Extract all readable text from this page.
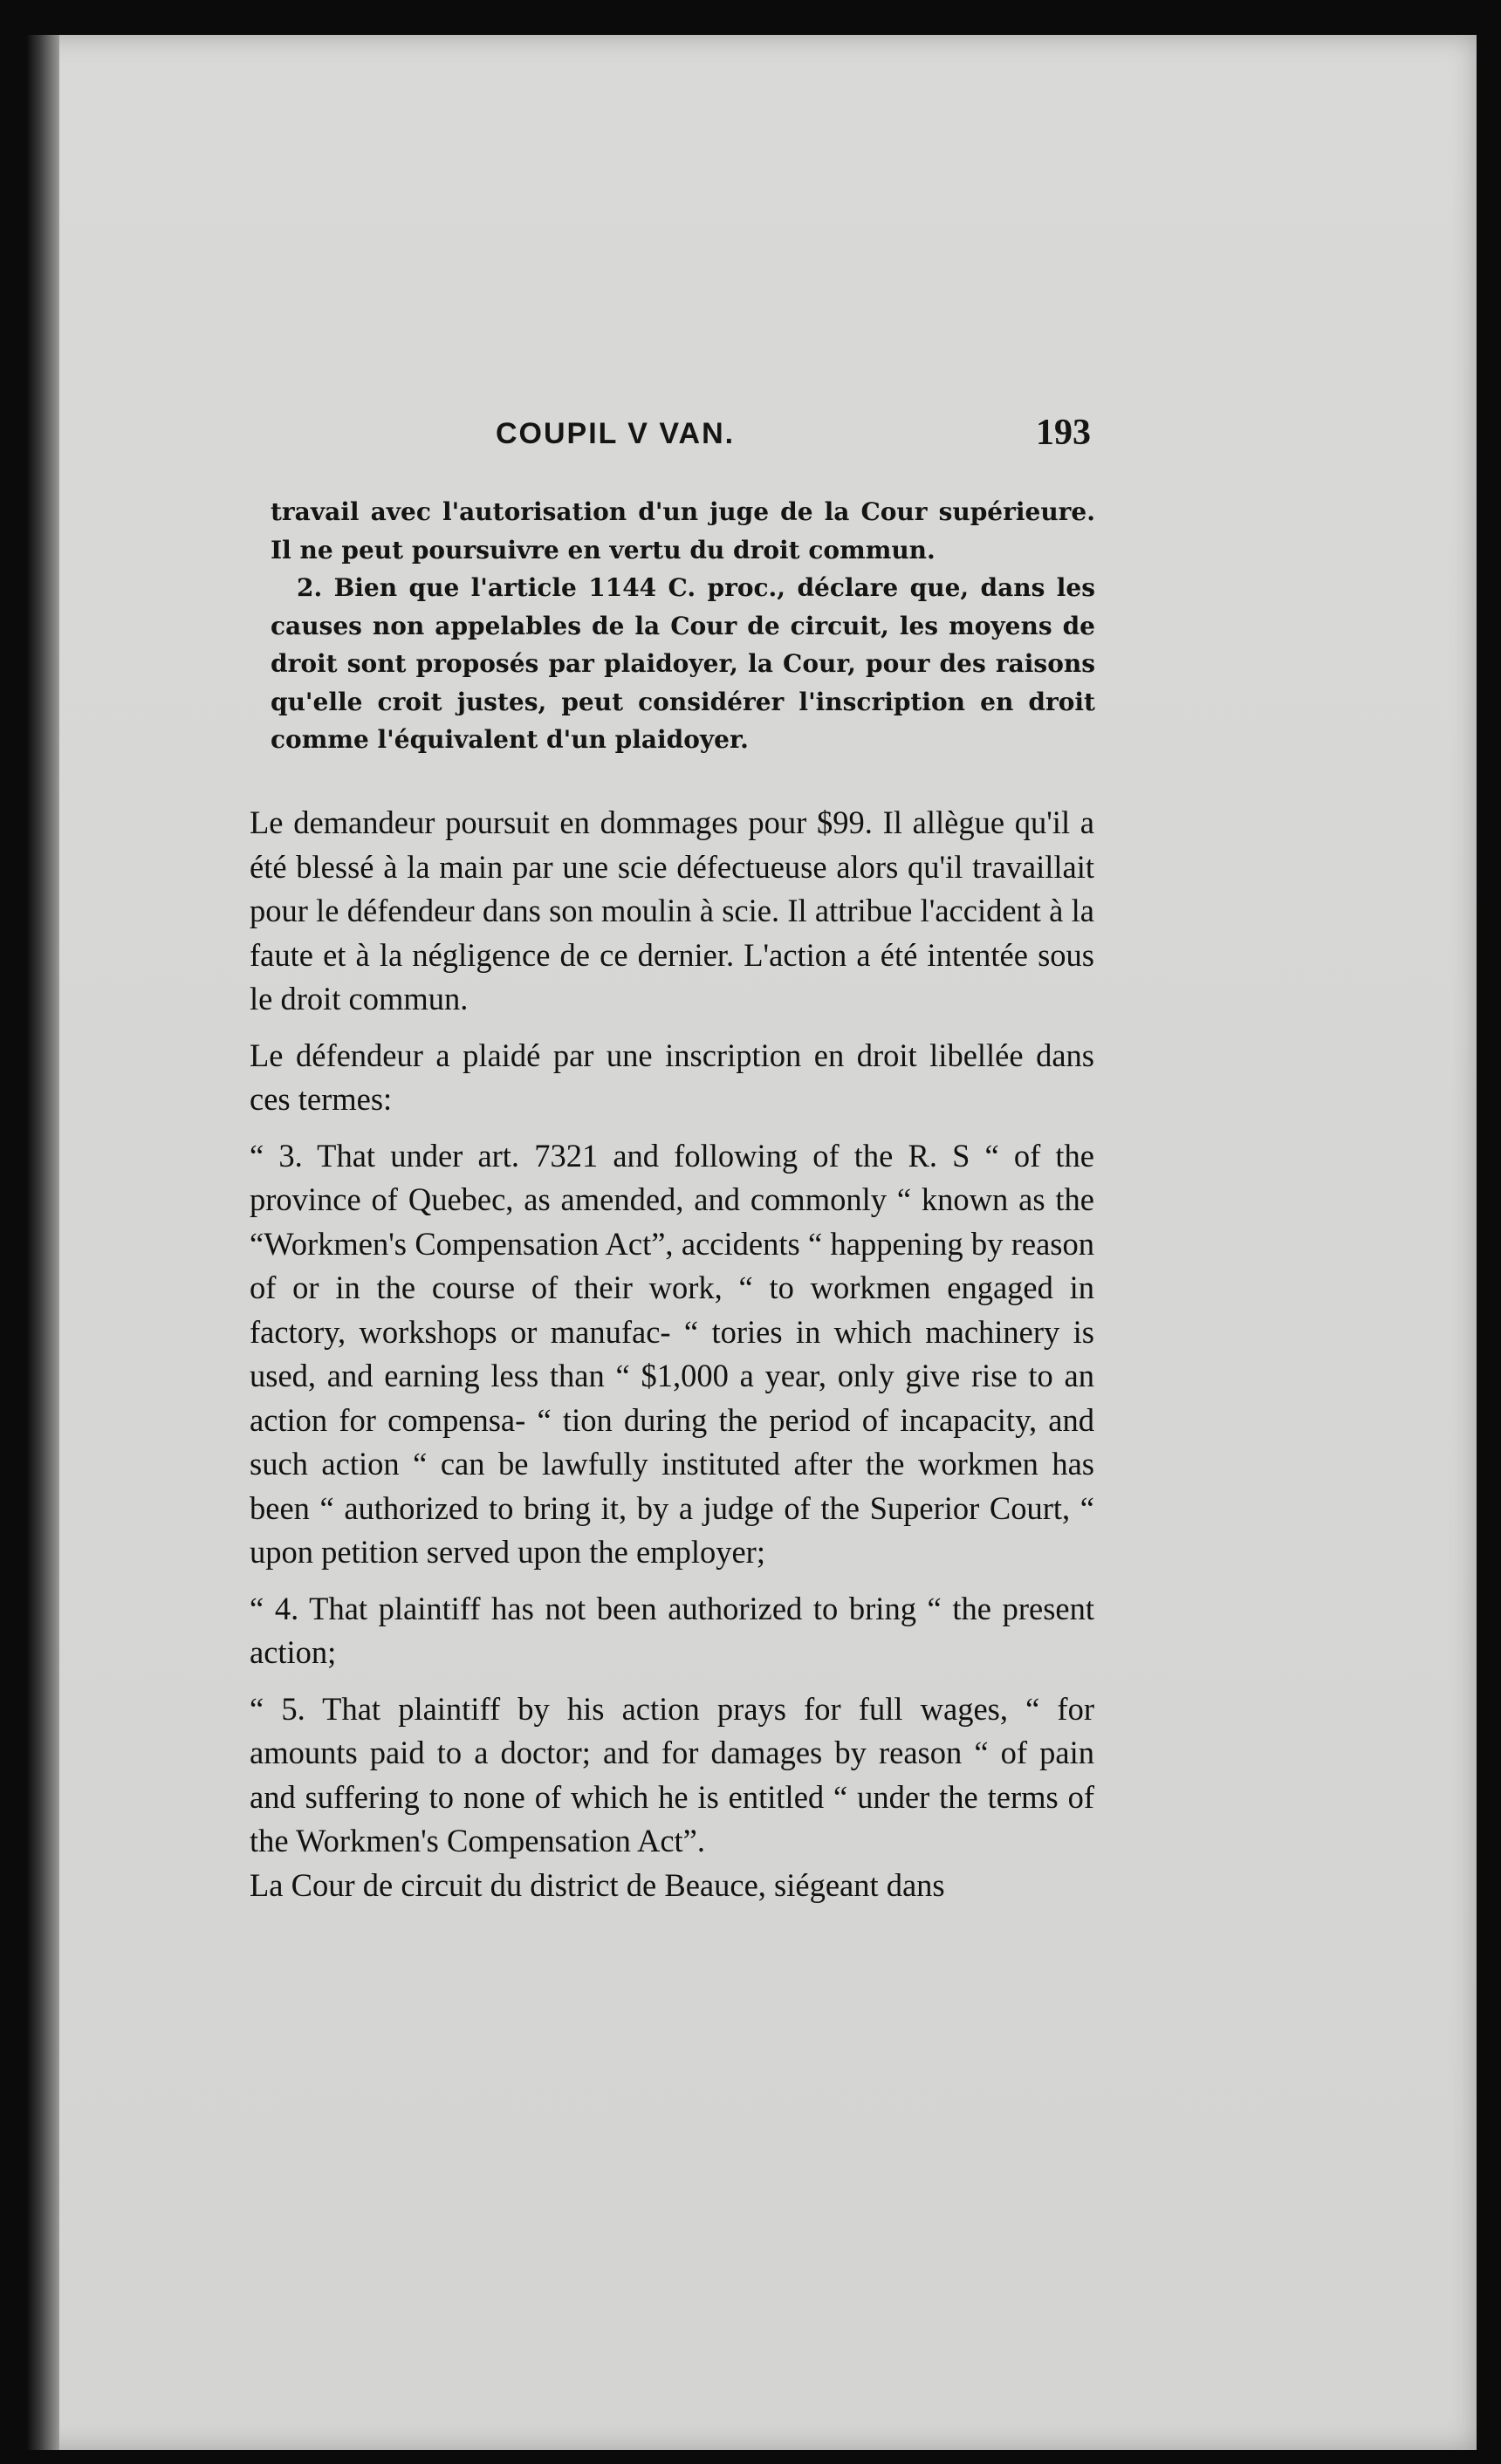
COUPIL V VAN.	193

travail avec l'autorisation d'un juge de la Cour supérieure. Il ne peut poursuivre en vertu du droit commun.

2. Bien que l'article 1144 C. proc., déclare que, dans les causes non appelables de la Cour de circuit, les moyens de droit sont proposés par plaidoyer, la Cour, pour des raisons qu'elle croit justes, peut considérer l'inscription en droit comme l'équivalent d'un plaidoyer.

Le demandeur poursuit en dommages pour $99. Il allègue qu'il a été blessé à la main par une scie défectueuse alors qu'il travaillait pour le défendeur dans son moulin à scie. Il attribue l'accident à la faute et à la négligence de ce dernier. L'action a été intentée sous le droit commun.

Le défendeur a plaidé par une inscription en droit libellée dans ces termes:

“ 3. That under art. 7321 and following of the R. S “ of the province of Quebec, as amended, and commonly “ known as the “Workmen's Compensation Act”, accidents “ happening by reason of or in the course of their work, “ to workmen engaged in factory, workshops or manufac- “ tories in which machinery is used, and earning less than “ $1,000 a year, only give rise to an action for compensa- “ tion during the period of incapacity, and such action “ can be lawfully instituted after the workmen has been “ authorized to bring it, by a judge of the Superior Court, “ upon petition served upon the employer;

“ 4. That plaintiff has not been authorized to bring “ the present action;

“ 5. That plaintiff by his action prays for full wages, “ for amounts paid to a doctor; and for damages by reason “ of pain and suffering to none of which he is entitled “ under the terms of the Workmen's Compensation Act”.

La Cour de circuit du district de Beauce, siégeant dans
